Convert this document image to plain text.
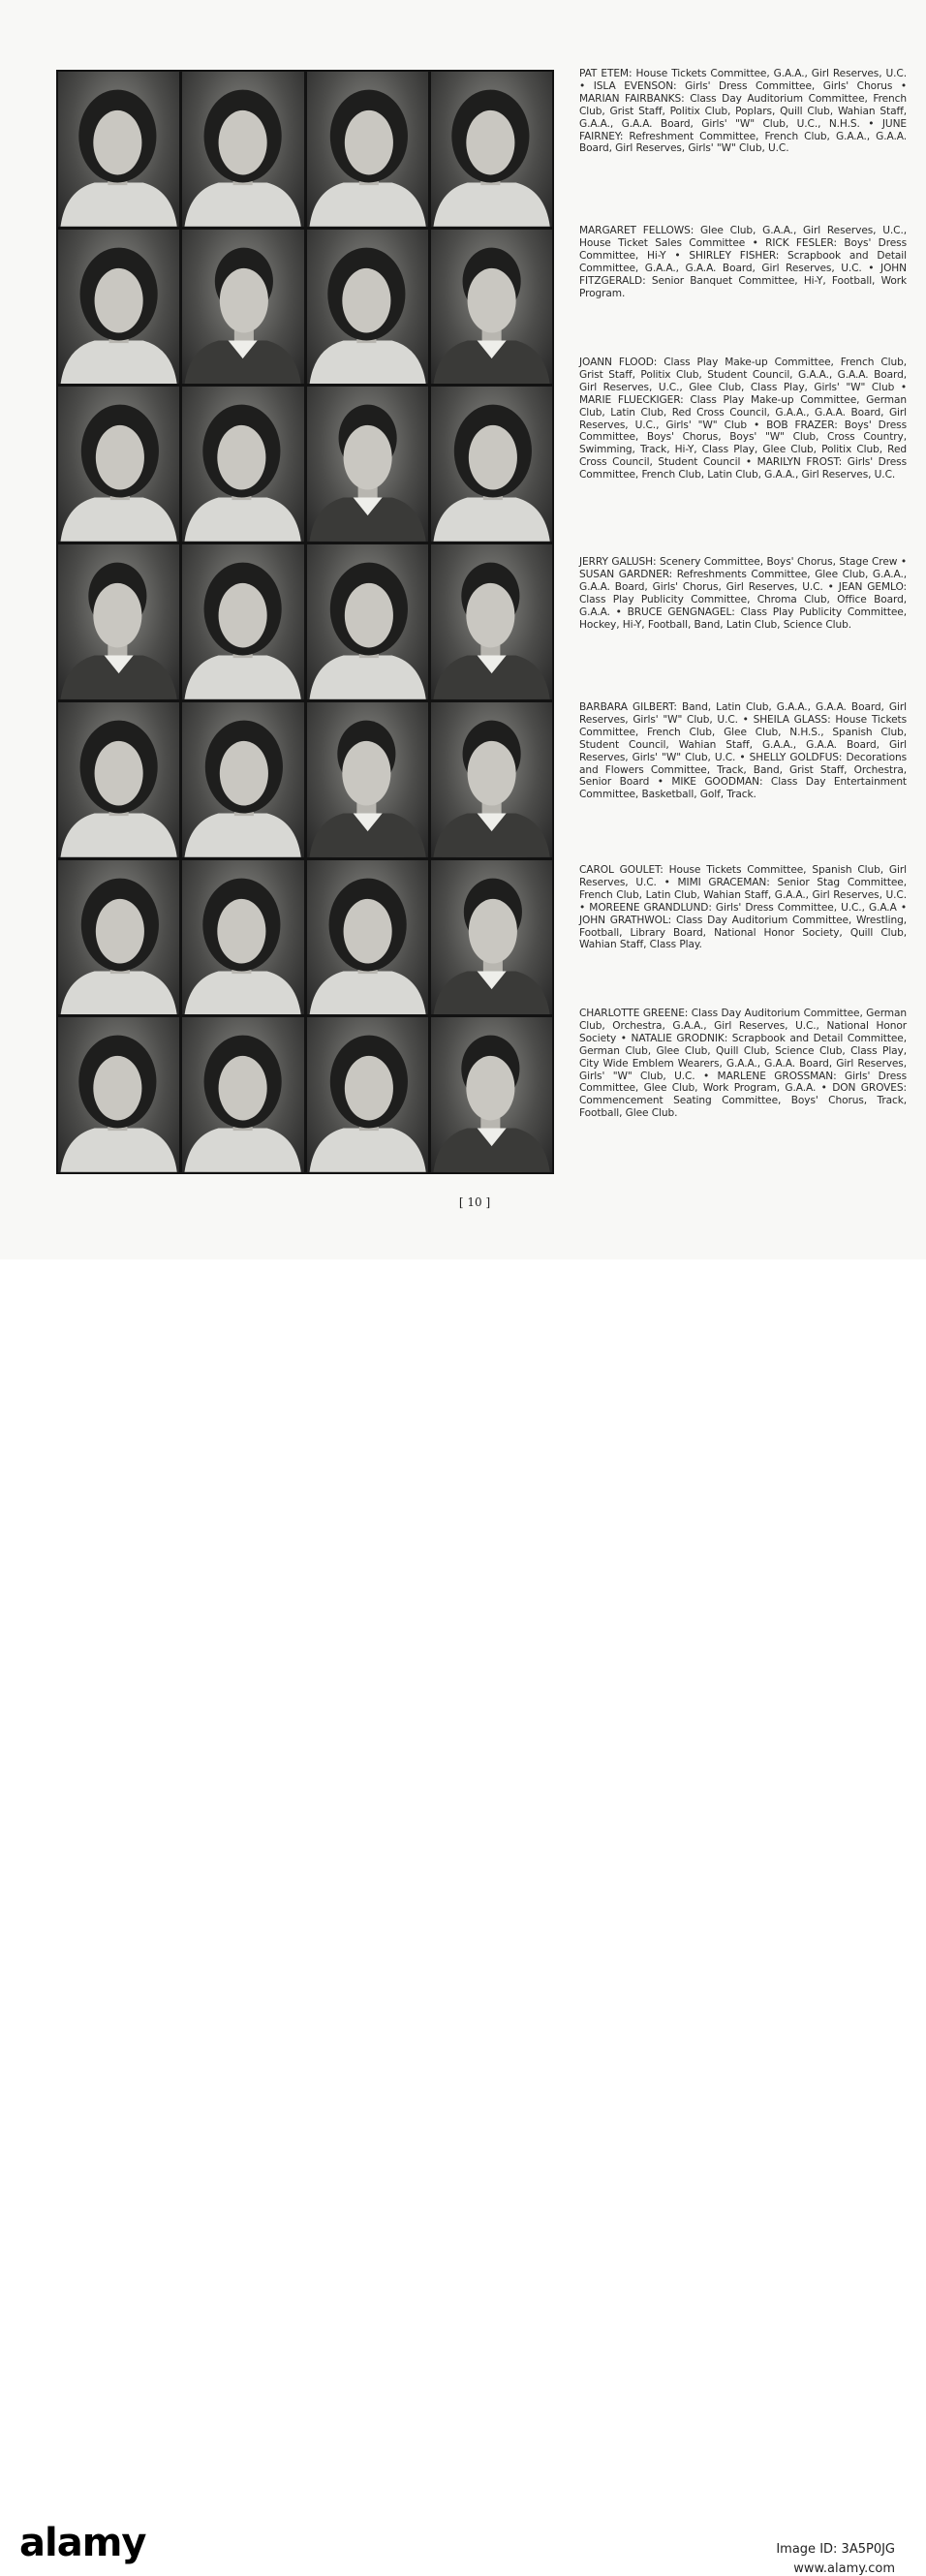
PAT ETEM: House Tickets Committee, G.A.A., Girl Reserves, U.C. • ISLA EVENSON: Girls' Dress Committee, Girls' Chorus • MARIAN FAIRBANKS: Class Day Auditorium Committee, French Club, Grist Staff, Politix Club, Poplars, Quill Club, Wahian Staff, G.A.A., G.A.A. Board, Girls' "W" Club, U.C., N.H.S. • JUNE FAIRNEY: Refreshment Committee, French Club, G.A.A., G.A.A. Board, Girl Reserves, Girls' "W" Club, U.C.

MARGARET FELLOWS: Glee Club, G.A.A., Girl Reserves, U.C., House Ticket Sales Committee • RICK FESLER: Boys' Dress Committee, Hi-Y • SHIRLEY FISHER: Scrapbook and Detail Committee, G.A.A., G.A.A. Board, Girl Reserves, U.C. • JOHN FITZGERALD: Senior Banquet Committee, Hi-Y, Football, Work Program.

JOANN FLOOD: Class Play Make-up Committee, French Club, Grist Staff, Politix Club, Student Council, G.A.A., G.A.A. Board, Girl Reserves, U.C., Glee Club, Class Play, Girls' "W" Club • MARIE FLUECKIGER: Class Play Make-up Committee, German Club, Latin Club, Red Cross Council, G.A.A., G.A.A. Board, Girl Reserves, U.C., Girls' "W" Club • BOB FRAZER: Boys' Dress Committee, Boys' Chorus, Boys' "W" Club, Cross Country, Swimming, Track, Hi-Y, Class Play, Glee Club, Politix Club, Red Cross Council, Student Council • MARILYN FROST: Girls' Dress Committee, French Club, Latin Club, G.A.A., Girl Reserves, U.C.

JERRY GALUSH: Scenery Committee, Boys' Chorus, Stage Crew • SUSAN GARDNER: Refreshments Committee, Glee Club, G.A.A., G.A.A. Board, Girls' Chorus, Girl Reserves, U.C. • JEAN GEMLO: Class Play Publicity Committee, Chroma Club, Office Board, G.A.A. • BRUCE GENGNAGEL: Class Play Publicity Committee, Hockey, Hi-Y, Football, Band, Latin Club, Science Club.

BARBARA GILBERT: Band, Latin Club, G.A.A., G.A.A. Board, Girl Reserves, Girls' "W" Club, U.C. • SHEILA GLASS: House Tickets Committee, French Club, Glee Club, N.H.S., Spanish Club, Student Council, Wahian Staff, G.A.A., G.A.A. Board, Girl Reserves, Girls' "W" Club, U.C. • SHELLY GOLDFUS: Decorations and Flowers Committee, Track, Band, Grist Staff, Orchestra, Senior Board • MIKE GOODMAN: Class Day Entertainment Committee, Basketball, Golf, Track.

CAROL GOULET: House Tickets Committee, Spanish Club, Girl Reserves, U.C. • MIMI GRACEMAN: Senior Stag Committee, French Club, Latin Club, Wahian Staff, G.A.A., Girl Reserves, U.C. • MOREENE GRANDLUND: Girls' Dress Committee, U.C., G.A.A • JOHN GRATHWOL: Class Day Auditorium Committee, Wrestling, Football, Library Board, National Honor Society, Quill Club, Wahian Staff, Class Play.

CHARLOTTE GREENE: Class Day Auditorium Committee, German Club, Orchestra, G.A.A., Girl Reserves, U.C., National Honor Society • NATALIE GRODNIK: Scrapbook and Detail Committee, German Club, Glee Club, Quill Club, Science Club, Class Play, City Wide Emblem Wearers, G.A.A., G.A.A. Board, Girl Reserves, Girls' "W" Club, U.C. • MARLENE GROSSMAN: Girls' Dress Committee, Glee Club, Work Program, G.A.A. • DON GROVES: Commencement Seating Committee, Boys' Chorus, Track, Football, Glee Club.

[ 10 ]
alamy	Image ID: 3A5P0JG
www.alamy.com
